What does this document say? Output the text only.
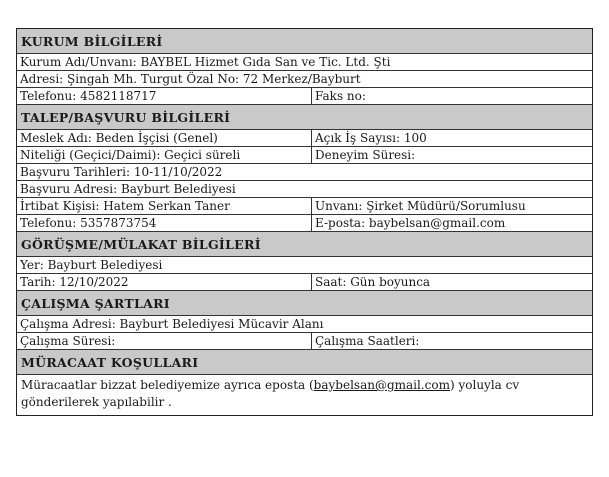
KURUM BİLGİLERİ
Kurum Adı/Unvanı: BAYBEL Hizmet Gıda San ve Tic. Ltd. Şti
Adresi: Şingah Mh. Turgut Özal No: 72 Merkez/Bayburt
Telefonu: 4582118717	Faks no:
TALEP/BAŞVURU BİLGİLERİ
Meslek Adı: Beden İşçisi (Genel)	Açık İş Sayısı: 100
Niteliği (Geçici/Daimi): Geçici süreli	Deneyim Süresi:
Başvuru Tarihleri: 10-11/10/2022
Başvuru Adresi: Bayburt Belediyesi
İrtibat Kişisi: Hatem Serkan Taner	Unvanı: Şirket Müdürü/Sorumlusu
Telefonu: 5357873754	E-posta: baybelsan@gmail.com
GÖRÜŞME/MÜLAKAT BİLGİLERİ
Yer: Bayburt Belediyesi
Tarih: 12/10/2022	Saat: Gün boyunca
ÇALIŞMA ŞARTLARI
Çalışma Adresi: Bayburt Belediyesi Mücavir Alanı
Çalışma Süresi:	Çalışma Saatleri:
MÜRACAAT KOŞULLARI
Müracaatlar bizzat belediyemize ayrıca eposta (baybelsan@gmail.com) yoluyla cv gönderilerek yapılabilir .
